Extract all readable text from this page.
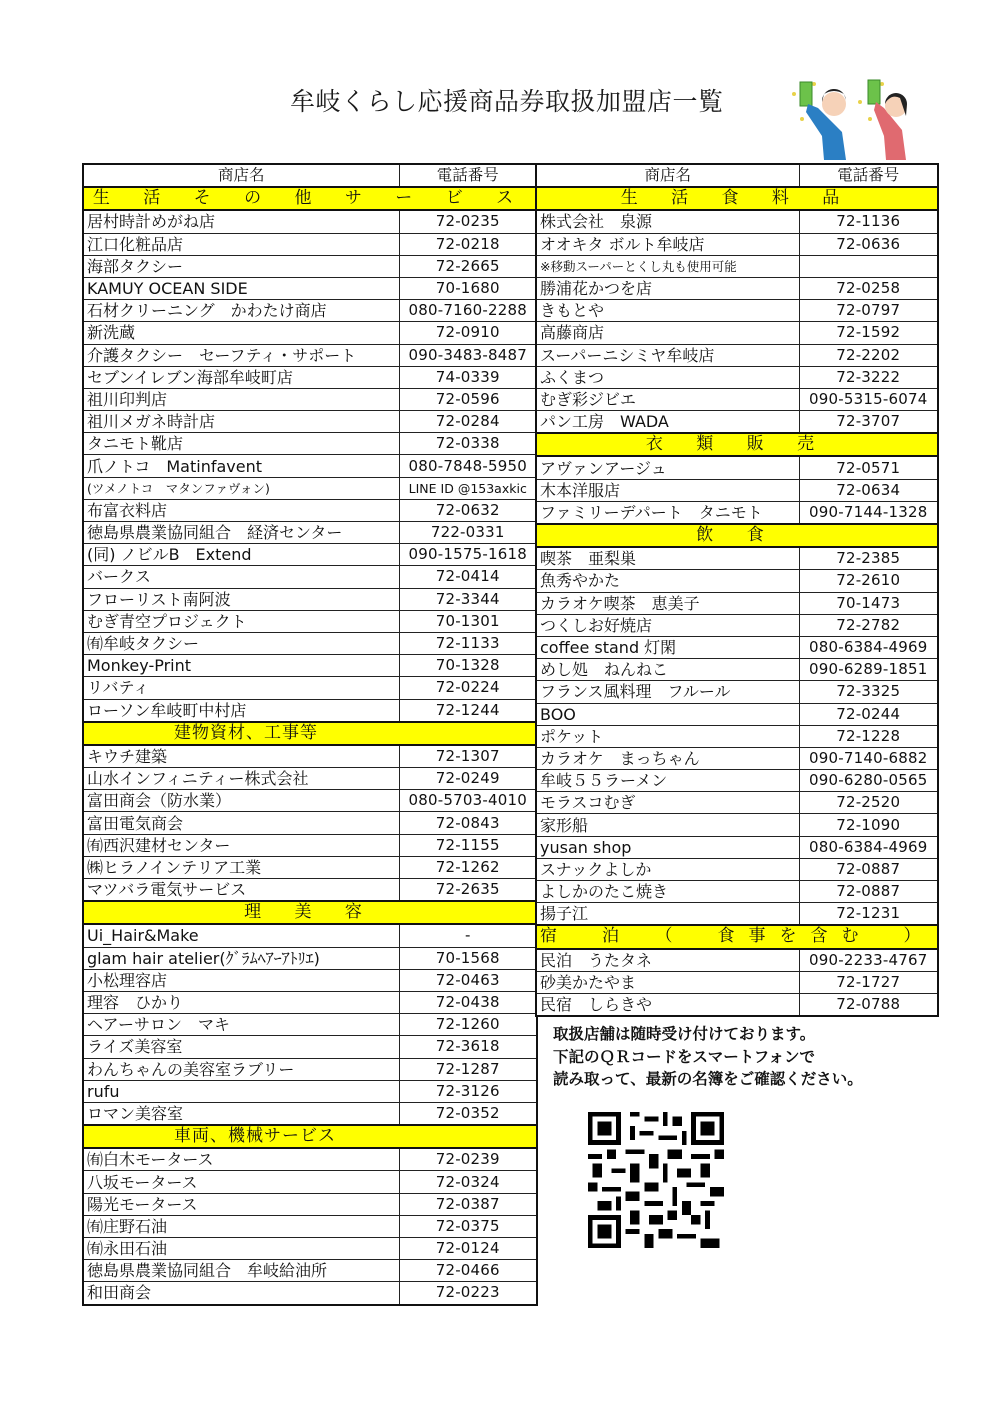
牟岐くらし応援商品券取扱加盟店一覧
商店名	電話番号
生 活 そ の 他 サ ー ビ ス	
居村時計めがね店	72-0235
江口化粧品店	72-0218
海部タクシー	72-2665
KAMUY OCEAN SIDE	70-1680
石材クリーニング　かわたけ商店	080-7160-2288
新洗蔵	72-0910
介護タクシー　セーフティ・サポート	090-3483-8487
セブンイレブン海部牟岐町店	74-0339
祖川印判店	72-0596
祖川メガネ時計店	72-0284
タニモト靴店	72-0338
爪ノトコ　Matinfavent	080-7848-5950
(ツメノトコ　マタンファヴォン)	LINE ID @153axkic
布富衣料店	72-0632
徳島県農業協同組合　経済センター	722-0331
(同) ノビルB　Extend	090-1575-1618
バークス	72-0414
フローリスト南阿波	72-3344
むぎ青空プロジェクト	70-1301
㈲牟岐タクシー	72-1133
Monkey-Print	70-1328
リバティ	72-0224
ローソン牟岐町中村店	72-1244
建物資材、工事等	
キウチ建築	72-1307
山水インフィニティー株式会社	72-0249
富田商会（防水業）	080-5703-4010
富田電気商会	72-0843
㈲西沢建材センター	72-1155
㈱ヒラノインテリア工業	72-1262
マツバラ電気サービス	72-2635
理 美 容	
Ui_Hair&Make	-
glam hair atelier(ｸﾞﾗﾑﾍｱｰｱﾄﾘｴ)	70-1568
小松理容店	72-0463
理容　ひかり	72-0438
ヘアーサロン　マキ	72-1260
ライズ美容室	72-3618
わんちゃんの美容室ラブリー	72-1287
rufu	72-3126
ロマン美容室	72-0352
車両、機械サービス	
㈲白木モータース	72-0239
八坂モータース	72-0324
陽光モータース	72-0387
㈲庄野石油	72-0375
㈲永田石油	72-0124
徳島県農業協同組合　牟岐給油所	72-0466
和田商会	72-0223
商店名	電話番号
生 活 食 料 品	
株式会社　泉源	72-1136
オオキタ ボルト牟岐店	72-0636
※移動スーパーとくし丸も使用可能	
勝浦花かつを店	72-0258
きもとや	72-0797
高藤商店	72-1592
スーパーニシミヤ牟岐店	72-2202
ふくまつ	72-3222
むぎ彩ジビエ	090-5315-6074
パン工房　WADA	72-3707
衣 類 販 売	
アヴァンアージュ	72-0571
木本洋服店	72-0634
ファミリーデパート　タニモト	090-7144-1328
飲 食	
喫茶　亜梨巣	72-2385
魚秀やかた	72-2610
カラオケ喫茶　恵美子	70-1473
つくしお好焼店	72-2782
coffee stand 灯閑	080-6384-4969
めし処　ねんねこ	090-6289-1851
フランス風料理　フルール	72-3325
BOO	72-0244
ポケット	72-1228
カラオケ　まっちゃん	090-7140-6882
牟岐５５ラーメン	090-6280-0565
モラスコむぎ	72-2520
家形船	72-1090
yusan shop	080-6384-4969
スナックよしか	72-0887
よしかのたこ焼き	72-0887
揚子江	72-1231
宿　泊　（　食事を含む　）	
民泊　うたタネ	090-2233-4767
砂美かたやま	72-1727
民宿　しらきや	72-0788
取扱店舗は随時受け付けております。
下記のＱＲコードをスマートフォンで
読み取って、最新の名簿をご確認ください。
